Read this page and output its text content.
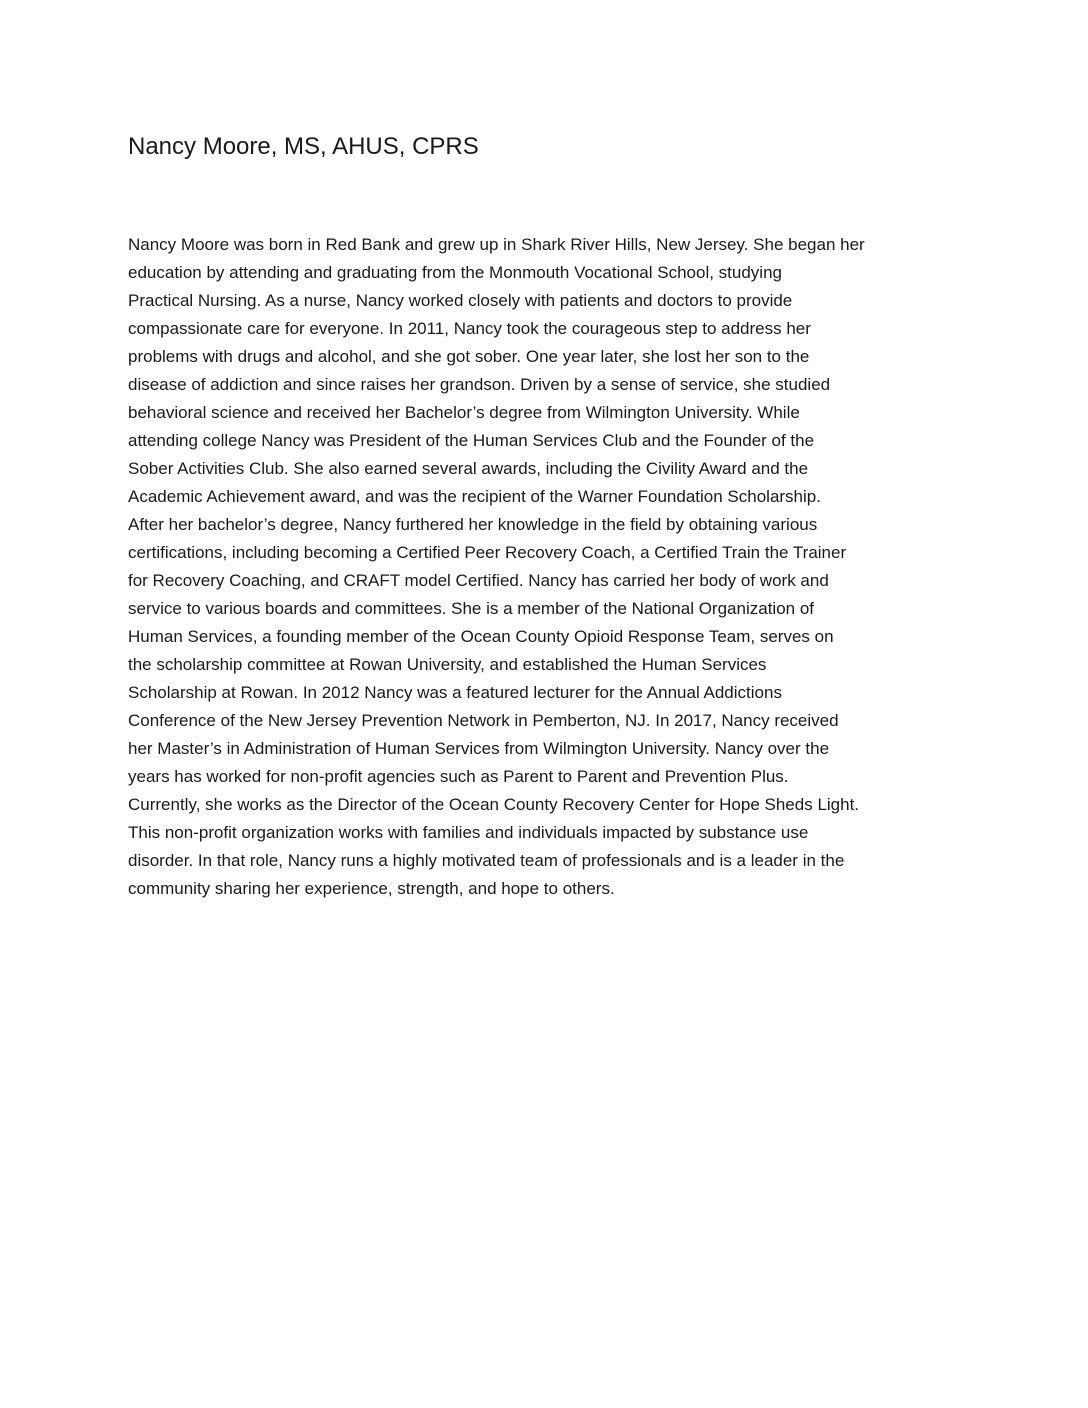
Nancy Moore, MS, AHUS, CPRS

Nancy Moore was born in Red Bank and grew up in Shark River Hills, New Jersey. She began her
education by attending and graduating from the Monmouth Vocational School, studying
Practical Nursing. As a nurse, Nancy worked closely with patients and doctors to provide
compassionate care for everyone. In 2011, Nancy took the courageous step to address her
problems with drugs and alcohol, and she got sober. One year later, she lost her son to the
disease of addiction and since raises her grandson. Driven by a sense of service, she studied
behavioral science and received her Bachelor’s degree from Wilmington University. While
attending college Nancy was President of the Human Services Club and the Founder of the
Sober Activities Club. She also earned several awards, including the Civility Award and the
Academic Achievement award, and was the recipient of the Warner Foundation Scholarship.
After her bachelor’s degree, Nancy furthered her knowledge in the field by obtaining various
certifications, including becoming a Certified Peer Recovery Coach, a Certified Train the Trainer
for Recovery Coaching, and CRAFT model Certified. Nancy has carried her body of work and
service to various boards and committees. She is a member of the National Organization of
Human Services, a founding member of the Ocean County Opioid Response Team, serves on
the scholarship committee at Rowan University, and established the Human Services
Scholarship at Rowan. In 2012 Nancy was a featured lecturer for the Annual Addictions
Conference of the New Jersey Prevention Network in Pemberton, NJ. In 2017, Nancy received
her Master’s in Administration of Human Services from Wilmington University. Nancy over the
years has worked for non-profit agencies such as Parent to Parent and Prevention Plus.
Currently, she works as the Director of the Ocean County Recovery Center for Hope Sheds Light.
This non-profit organization works with families and individuals impacted by substance use
disorder. In that role, Nancy runs a highly motivated team of professionals and is a leader in the
community sharing her experience, strength, and hope to others.
